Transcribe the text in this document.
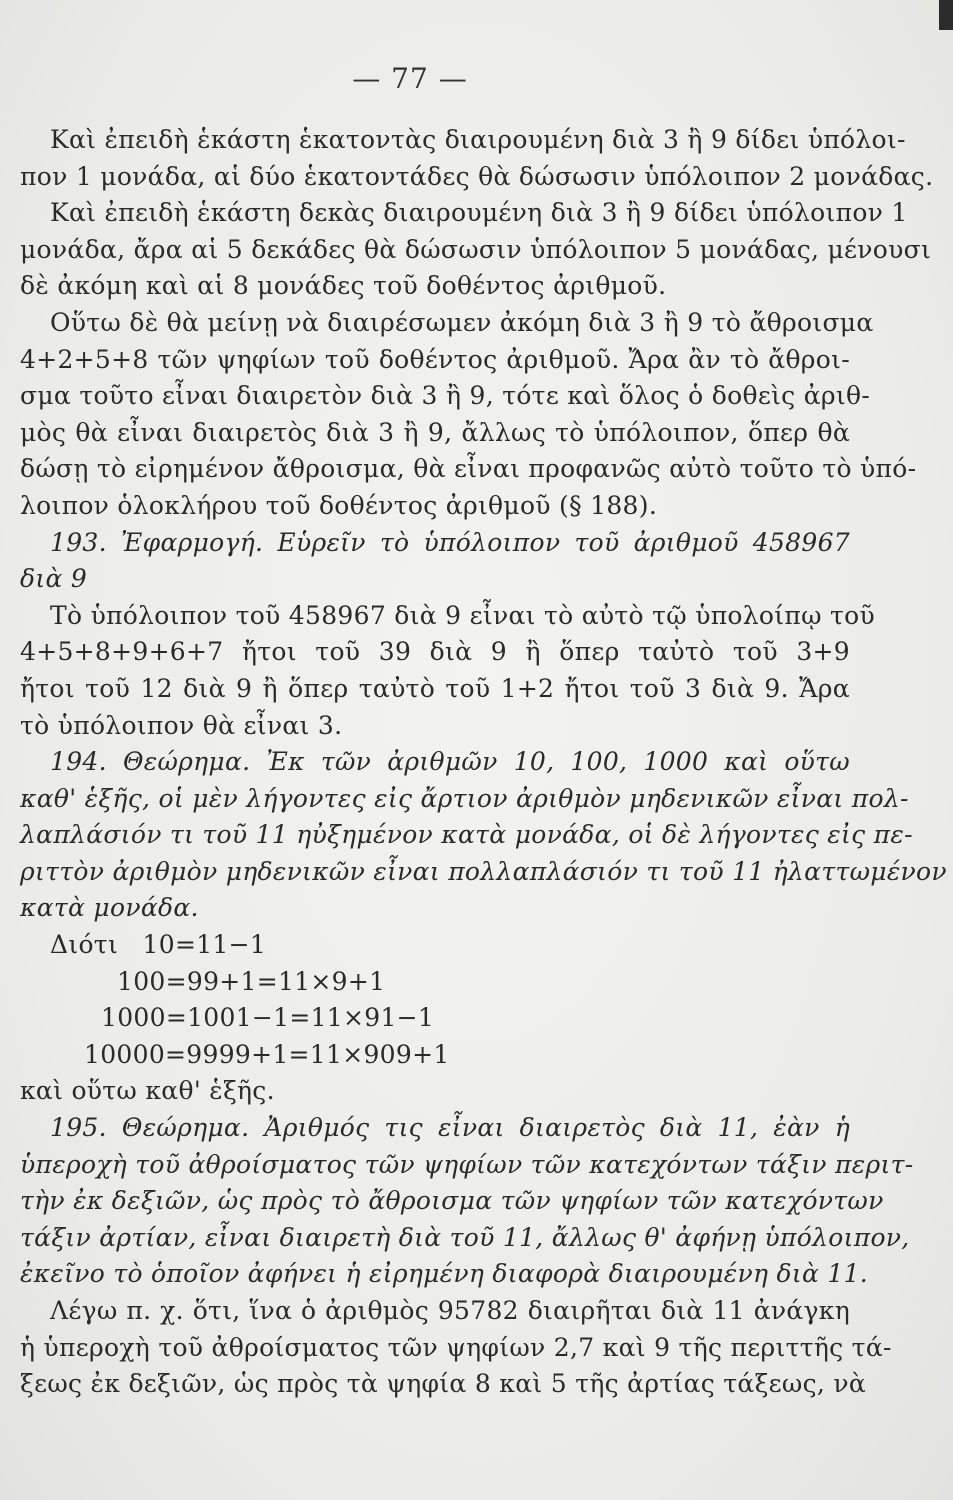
— 77 —
Καὶ ἐπειδὴ ἑκάστη ἑκατοντὰς διαιρουμένη διὰ 3 ἢ 9 δίδει ὑπόλοι-
πον 1 μονάδα, αἱ δύο ἑκατοντάδες θὰ δώσωσιν ὑπόλοιπον 2 μονάδας.
Καὶ ἐπειδὴ ἑκάστη δεκὰς διαιρουμένη διὰ 3 ἢ 9 δίδει ὑπόλοιπον 1
μονάδα, ἄρα αἱ 5 δεκάδες θὰ δώσωσιν ὑπόλοιπον 5 μονάδας, μένουσι
δὲ ἀκόμη καὶ αἱ 8 μονάδες τοῦ δοθέντος ἀριθμοῦ.
Οὕτω δὲ θὰ μείνῃ νὰ διαιρέσωμεν ἀκόμη διὰ 3 ἢ 9 τὸ ἄθροισμα
4+2+5+8 τῶν ψηφίων τοῦ δοθέντος ἀριθμοῦ. Ἄρα ἂν τὸ ἄθροι-
σμα τοῦτο εἶναι διαιρετὸν διὰ 3 ἢ 9, τότε καὶ ὅλος ὁ δοθεὶς ἀριθ-
μὸς θὰ εἶναι διαιρετὸς διὰ 3 ἢ 9, ἄλλως τὸ ὑπόλοιπον, ὅπερ θὰ
δώσῃ τὸ εἰρημένον ἄθροισμα, θὰ εἶναι προφανῶς αὐτὸ τοῦτο τὸ ὑπό-
λοιπον ὁλοκλήρου τοῦ δοθέντος ἀριθμοῦ (§ 188).
193. Ἐφαρμογή. Εὑρεῖν τὸ ὑπόλοιπον τοῦ ἀριθμοῦ 458967
διὰ 9
Τὸ ὑπόλοιπον τοῦ 458967 διὰ 9 εἶναι τὸ αὐτὸ τῷ ὑπολοίπῳ τοῦ
4+5+8+9+6+7 ἤτοι τοῦ 39 διὰ 9 ἢ ὅπερ ταὐτὸ τοῦ 3+9
ἤτοι τοῦ 12 διὰ 9 ἢ ὅπερ ταὐτὸ τοῦ 1+2 ἤτοι τοῦ 3 διὰ 9. Ἄρα
τὸ ὑπόλοιπον θὰ εἶναι 3.
194. Θεώρημα. Ἐκ τῶν ἀριθμῶν 10, 100, 1000 καὶ οὕτω
καθ' ἑξῆς, οἱ μὲν λήγοντες εἰς ἄρτιον ἀριθμὸν μηδενικῶν εἶναι πολ-
λαπλάσιόν τι τοῦ 11 ηὐξημένον κατὰ μονάδα, οἱ δὲ λήγοντες εἰς πε-
ριττὸν ἀριθμὸν μηδενικῶν εἶναι πολλαπλάσιόν τι τοῦ 11 ἠλαττωμένον
κατὰ μονάδα.
Διότι 10=11−1
100=99+1=11×9+1
1000=1001−1=11×91−1
10000=9999+1=11×909+1
καὶ οὕτω καθ' ἑξῆς.
195. Θεώρημα. Ἀριθμός τις εἶναι διαιρετὸς διὰ 11, ἐὰν ἡ
ὑπεροχὴ τοῦ ἀθροίσματος τῶν ψηφίων τῶν κατεχόντων τάξιν περιτ-
τὴν ἐκ δεξιῶν, ὡς πρὸς τὸ ἄθροισμα τῶν ψηφίων τῶν κατεχόντων
τάξιν ἀρτίαν, εἶναι διαιρετὴ διὰ τοῦ 11, ἄλλως θ' ἀφήνῃ ὑπόλοιπον,
ἐκεῖνο τὸ ὁποῖον ἀφήνει ἡ εἰρημένη διαφορὰ διαιρουμένη διὰ 11.
Λέγω π. χ. ὅτι, ἵνα ὁ ἀριθμὸς 95782 διαιρῆται διὰ 11 ἀνάγκη
ἡ ὑπεροχὴ τοῦ ἀθροίσματος τῶν ψηφίων 2,7 καὶ 9 τῆς περιττῆς τά-
ξεως ἐκ δεξιῶν, ὡς πρὸς τὰ ψηφία 8 καὶ 5 τῆς ἀρτίας τάξεως, νὰ
